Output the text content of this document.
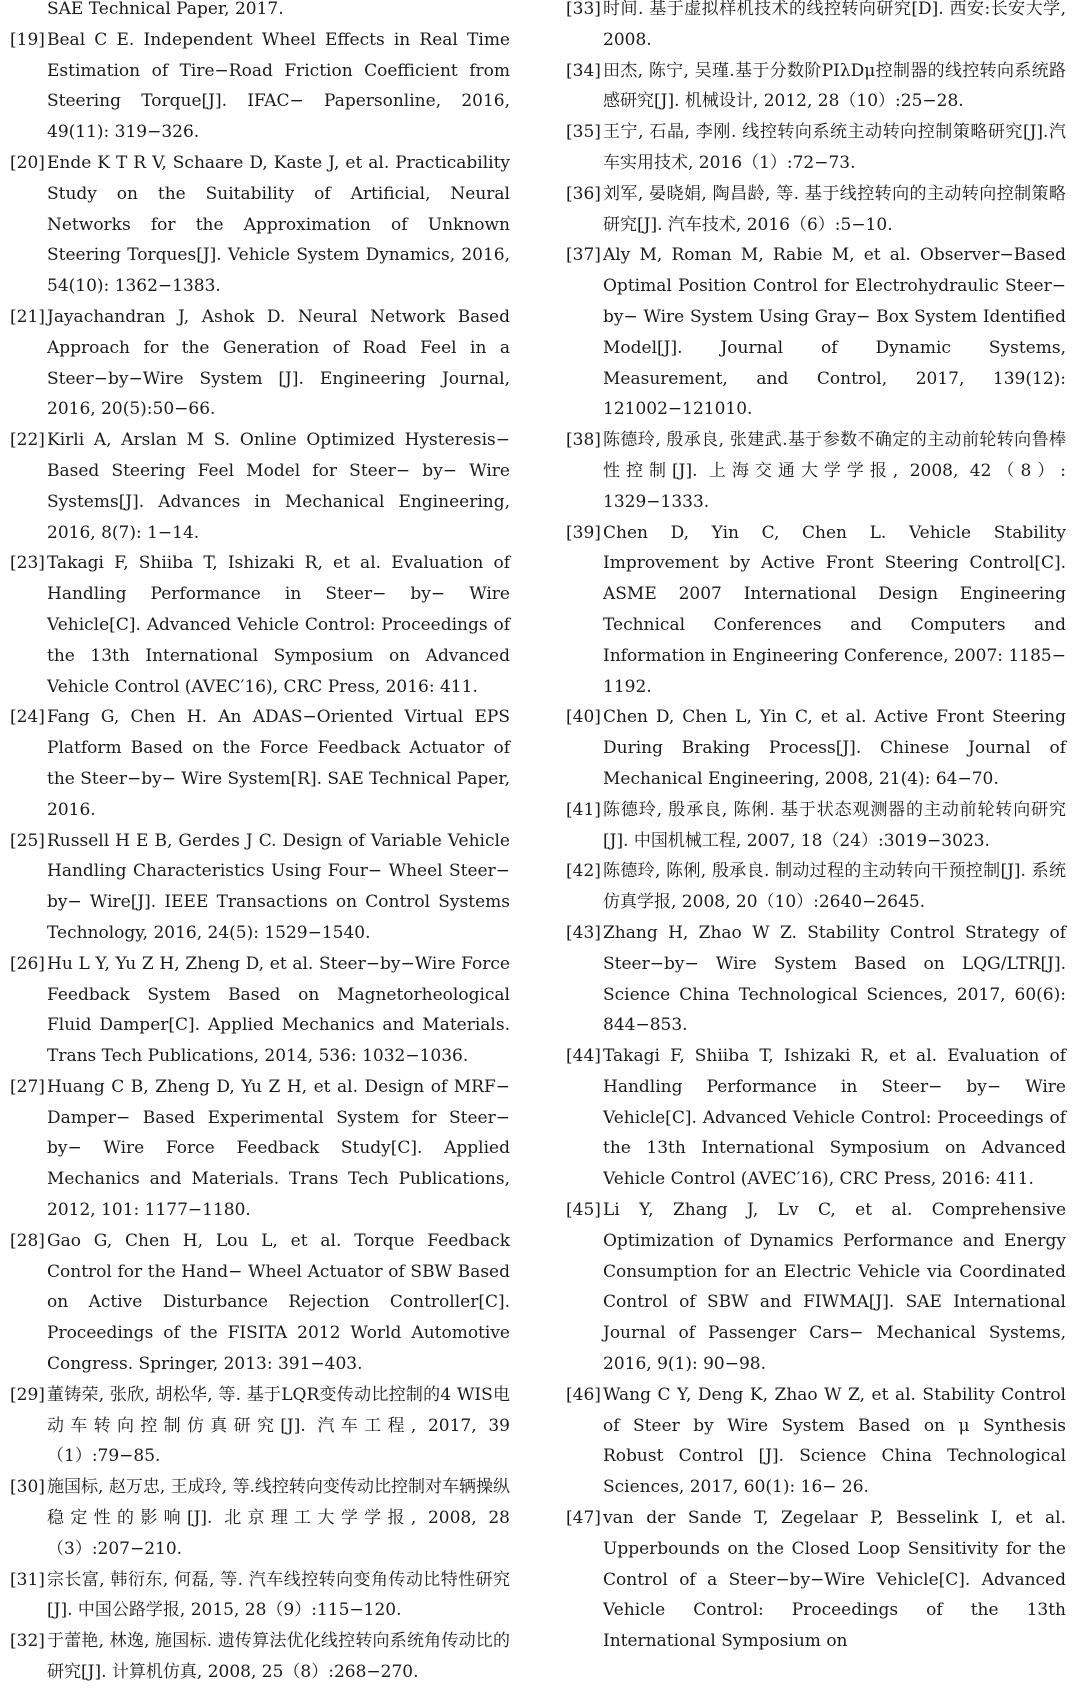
SAE Technical Paper, 2017.

[19] Beal C E. Independent Wheel Effects in Real Time Estimation of Tire−Road Friction Coefficient from Steering Torque[J]. IFAC− Papersonline, 2016, 49(11): 319−326.

[20] Ende K T R V, Schaare D, Kaste J, et al. Practicability Study on the Suitability of Artificial, Neural Networks for the Approximation of Unknown Steering Torques[J]. Vehicle System Dynamics, 2016, 54(10): 1362−1383.

[21] Jayachandran J, Ashok D. Neural Network Based Approach for the Generation of Road Feel in a Steer−by−Wire System [J]. Engineering Journal, 2016, 20(5):50−66.

[22] Kirli A, Arslan M S. Online Optimized Hysteresis− Based Steering Feel Model for Steer− by− Wire Systems[J]. Advances in Mechanical Engineering, 2016, 8(7): 1−14.

[23] Takagi F, Shiiba T, Ishizaki R, et al. Evaluation of Handling Performance in Steer− by− Wire Vehicle[C]. Advanced Vehicle Control: Proceedings of the 13th International Symposium on Advanced Vehicle Control (AVEC′16), CRC Press, 2016: 411.

[24] Fang G, Chen H. An ADAS−Oriented Virtual EPS Platform Based on the Force Feedback Actuator of the Steer−by− Wire System[R]. SAE Technical Paper, 2016.

[25] Russell H E B, Gerdes J C. Design of Variable Vehicle Handling Characteristics Using Four− Wheel Steer− by− Wire[J]. IEEE Transactions on Control Systems Technology, 2016, 24(5): 1529−1540.

[26] Hu L Y, Yu Z H, Zheng D, et al. Steer−by−Wire Force Feedback System Based on Magnetorheological Fluid Damper[C]. Applied Mechanics and Materials. Trans Tech Publications, 2014, 536: 1032−1036.

[27] Huang C B, Zheng D, Yu Z H, et al. Design of MRF− Damper− Based Experimental System for Steer− by− Wire Force Feedback Study[C]. Applied Mechanics and Materials. Trans Tech Publications, 2012, 101: 1177−1180.

[28] Gao G, Chen H, Lou L, et al. Torque Feedback Control for the Hand− Wheel Actuator of SBW Based on Active Disturbance Rejection Controller[C]. Proceedings of the FISITA 2012 World Automotive Congress. Springer, 2013: 391−403.

[29] 董铸荣, 张欣, 胡松华, 等. 基于LQR变传动比控制的4 WIS电动车转向控制仿真研究[J]. 汽车工程, 2017, 39（1）:79−85.

[30] 施国标, 赵万忠, 王成玲, 等.线控转向变传动比控制对车辆操纵稳定性的影响[J]. 北京理工大学学报, 2008, 28（3）:207−210.

[31] 宗长富, 韩衍东, 何磊, 等. 汽车线控转向变角传动比特性研究[J]. 中国公路学报, 2015, 28（9）:115−120.

[32] 于蕾艳, 林逸, 施国标. 遗传算法优化线控转向系统角传动比的研究[J]. 计算机仿真, 2008, 25（8）:268−270.

[33] 时间. 基于虚拟样机技术的线控转向研究[D]. 西安:长安大学, 2008.

[34] 田杰, 陈宁, 吴瑾.基于分数阶PIλDμ控制器的线控转向系统路感研究[J]. 机械设计, 2012, 28（10）:25−28.

[35] 王宁, 石晶, 李刚. 线控转向系统主动转向控制策略研究[J].汽车实用技术, 2016（1）:72−73.

[36] 刘军, 晏晓娟, 陶昌龄, 等. 基于线控转向的主动转向控制策略研究[J]. 汽车技术, 2016（6）:5−10.

[37] Aly M, Roman M, Rabie M, et al. Observer−Based Optimal Position Control for Electrohydraulic Steer− by− Wire System Using Gray− Box System Identified Model[J]. Journal of Dynamic Systems, Measurement, and Control, 2017, 139(12): 121002−121010.

[38] 陈德玲, 殷承良, 张建武.基于参数不确定的主动前轮转向鲁棒性控制[J]. 上海交通大学学报, 2008, 42（8）: 1329−1333.

[39] Chen D, Yin C, Chen L. Vehicle Stability Improvement by Active Front Steering Control[C]. ASME 2007 International Design Engineering Technical Conferences and Computers and Information in Engineering Conference, 2007: 1185− 1192.

[40] Chen D, Chen L, Yin C, et al. Active Front Steering During Braking Process[J]. Chinese Journal of Mechanical Engineering, 2008, 21(4): 64−70.

[41] 陈德玲, 殷承良, 陈俐. 基于状态观测器的主动前轮转向研究[J]. 中国机械工程, 2007, 18（24）:3019−3023.

[42] 陈德玲, 陈俐, 殷承良. 制动过程的主动转向干预控制[J]. 系统仿真学报, 2008, 20（10）:2640−2645.

[43] Zhang H, Zhao W Z. Stability Control Strategy of Steer−by− Wire System Based on LQG/LTR[J]. Science China Technological Sciences, 2017, 60(6): 844−853.

[44] Takagi F, Shiiba T, Ishizaki R, et al. Evaluation of Handling Performance in Steer− by− Wire Vehicle[C]. Advanced Vehicle Control: Proceedings of the 13th International Symposium on Advanced Vehicle Control (AVEC′16), CRC Press, 2016: 411.

[45] Li Y, Zhang J, Lv C, et al. Comprehensive Optimization of Dynamics Performance and Energy Consumption for an Electric Vehicle via Coordinated Control of SBW and FIWMA[J]. SAE International Journal of Passenger Cars− Mechanical Systems, 2016, 9(1): 90−98.

[46] Wang C Y, Deng K, Zhao W Z, et al. Stability Control of Steer by Wire System Based on μ Synthesis Robust Control [J]. Science China Technological Sciences, 2017, 60(1): 16− 26.

[47] van der Sande T, Zegelaar P, Besselink I, et al. Upperbounds on the Closed Loop Sensitivity for the Control of a Steer−by−Wire Vehicle[C]. Advanced Vehicle Control: Proceedings of the 13th International Symposium on
